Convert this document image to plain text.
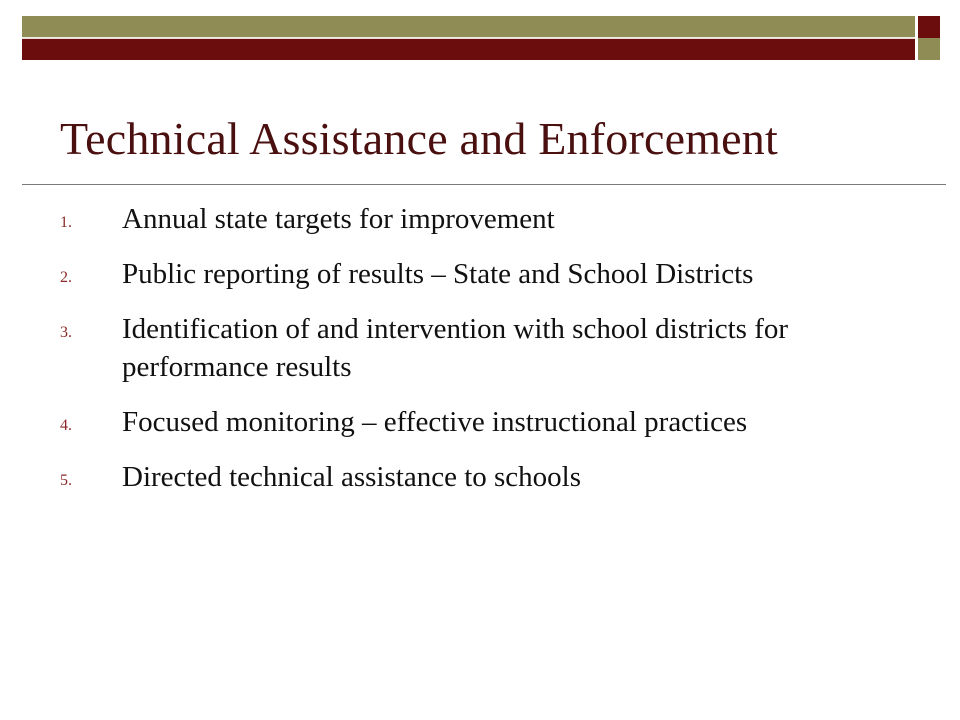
Technical Assistance and Enforcement
1. Annual state targets for improvement
2. Public reporting of results – State and School Districts
3. Identification of and intervention with school districts for performance results
4. Focused monitoring – effective instructional practices
5. Directed technical assistance to schools
